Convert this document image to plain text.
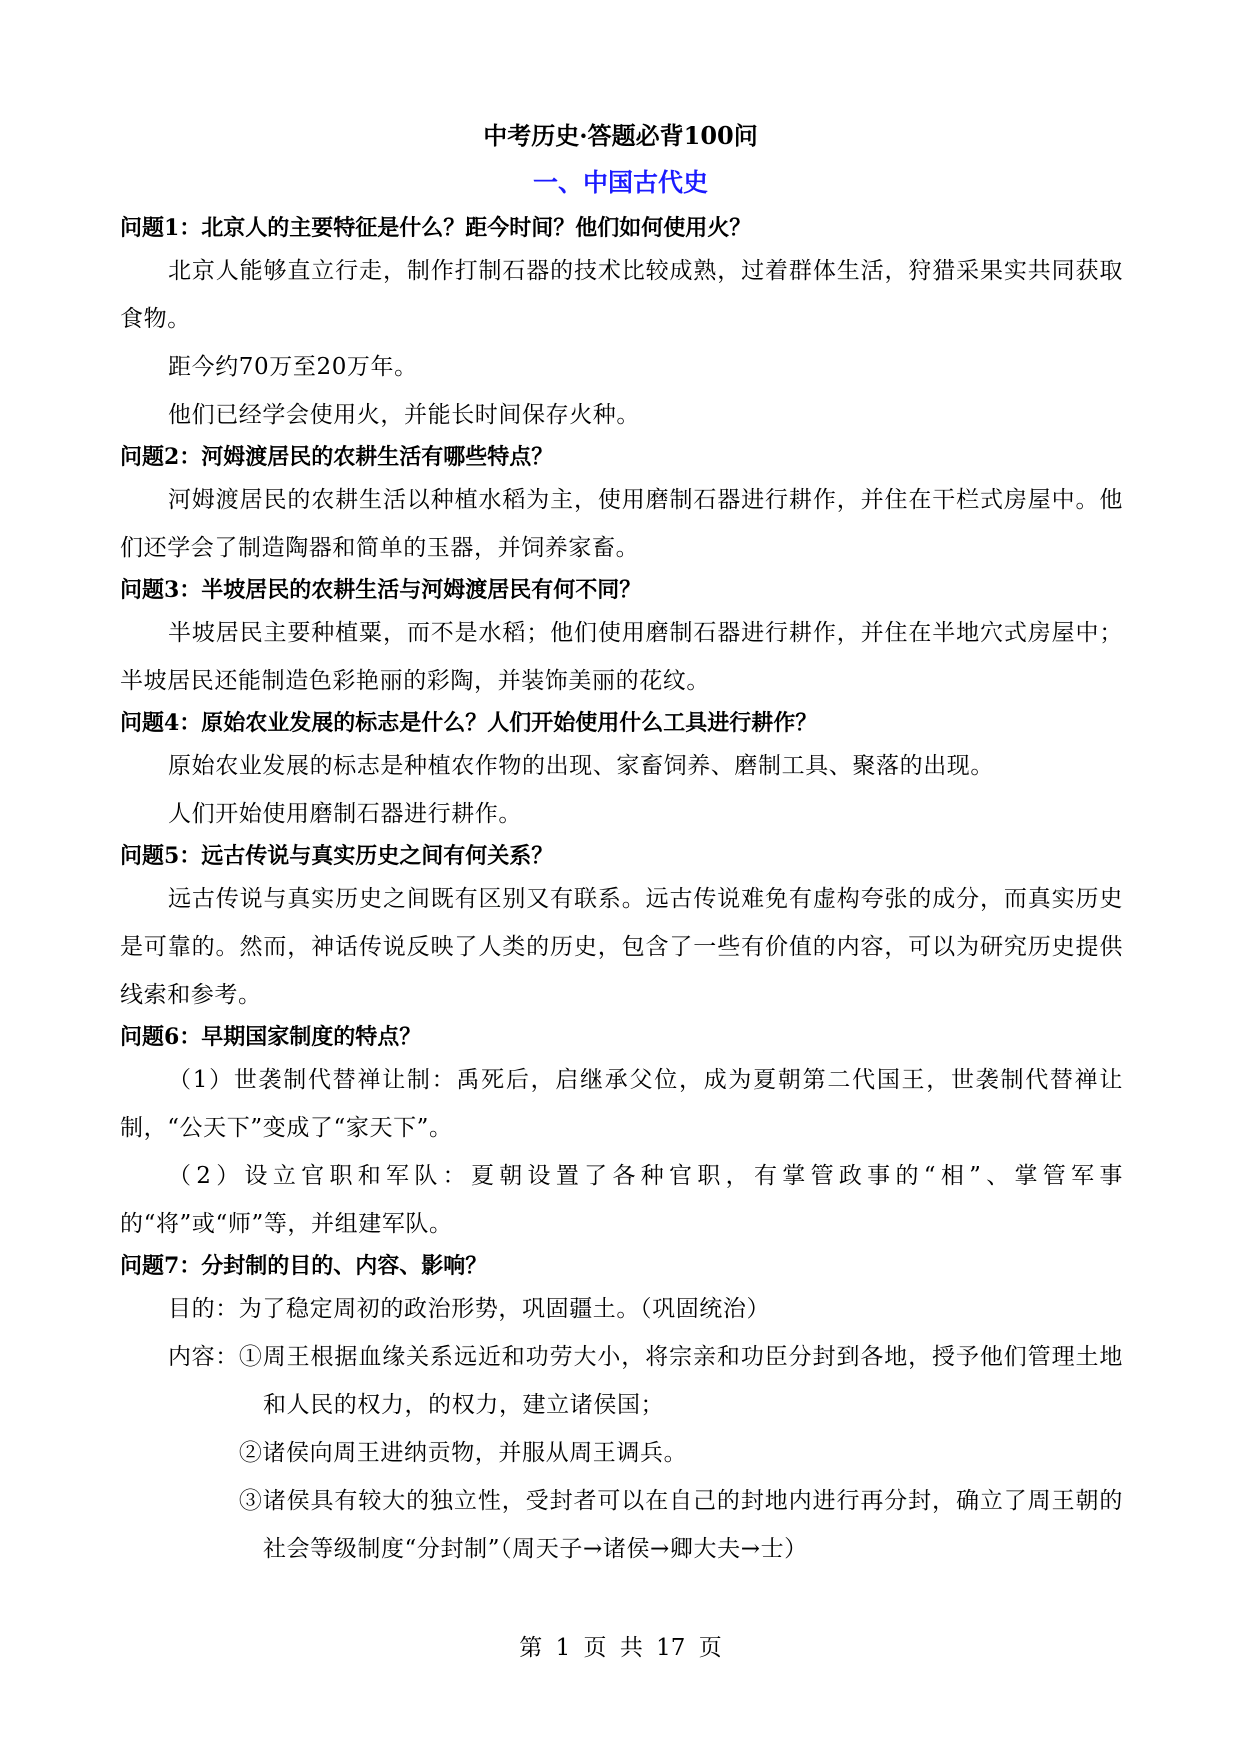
中考历史·答题必背100问
一、中国古代史

问题1：北京人的主要特征是什么？距今时间？他们如何使用火？

北京人能够直立行走，制作打制石器的技术比较成熟，过着群体生活，狩猎采果实共同获取食物。

距今约70万至20万年。

他们已经学会使用火，并能长时间保存火种。

问题2：河姆渡居民的农耕生活有哪些特点？

河姆渡居民的农耕生活以种植水稻为主，使用磨制石器进行耕作，并住在干栏式房屋中。他们还学会了制造陶器和简单的玉器，并饲养家畜。

问题3：半坡居民的农耕生活与河姆渡居民有何不同？

半坡居民主要种植粟，而不是水稻；他们使用磨制石器进行耕作，并住在半地穴式房屋中；半坡居民还能制造色彩艳丽的彩陶，并装饰美丽的花纹。

问题4：原始农业发展的标志是什么？人们开始使用什么工具进行耕作？

原始农业发展的标志是种植农作物的出现、家畜饲养、磨制工具、聚落的出现。

人们开始使用磨制石器进行耕作。

问题5：远古传说与真实历史之间有何关系？

远古传说与真实历史之间既有区别又有联系。远古传说难免有虚构夸张的成分，而真实历史是可靠的。然而，神话传说反映了人类的历史，包含了一些有价值的内容，可以为研究历史提供线索和参考。

问题6：早期国家制度的特点？

（1）世袭制代替禅让制：禹死后，启继承父位，成为夏朝第二代国王，世袭制代替禅让制，“公天下”变成了“家天下”。

（2）设立官职和军队：夏朝设置了各种官职，有掌管政事的“相”、掌管军事的“将”或“师”等，并组建军队。

问题7：分封制的目的、内容、影响？

目的：为了稳定周初的政治形势，巩固疆土。（巩固统治）

内容： ①周王根据血缘关系远近和功劳大小，将宗亲和功臣分封到各地，授予他们管理土地和人民的权力，的权力，建立诸侯国；

②诸侯向周王进纳贡物，并服从周王调兵。

③诸侯具有较大的独立性，受封者可以在自己的封地内进行再分封，确立了周王朝的社会等级制度“分封制”（周天子→诸侯→卿大夫→士）

第 1 页 共 17 页
